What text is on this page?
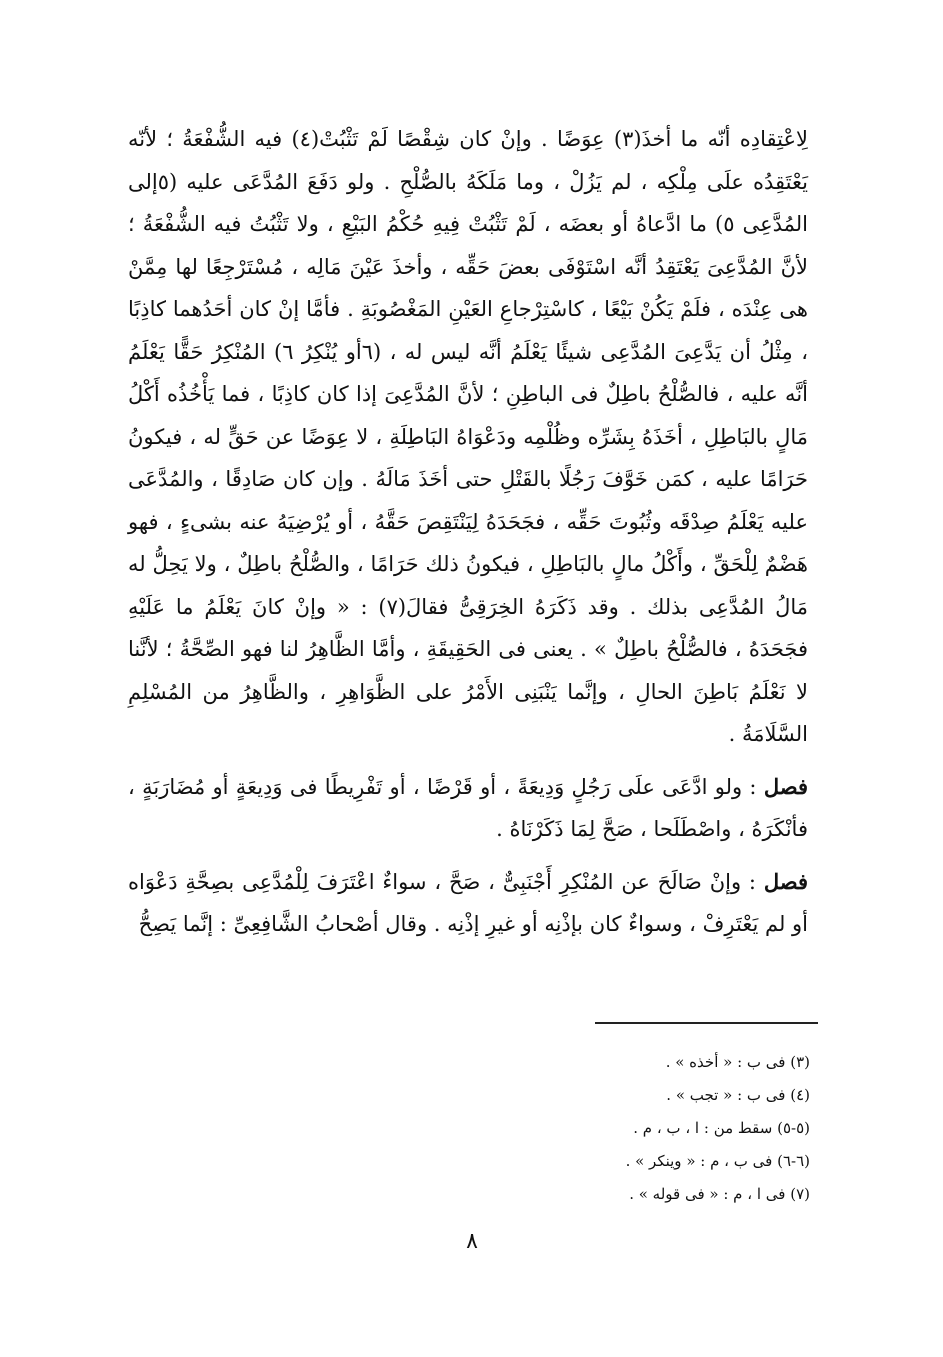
لِاعْتِقادِه أنّه ما أخذَ(٣) عِوَضًا . وإنْ كان شِقْصًا لَمْ تَثْبُتْ(٤) فيه الشُّفْعَةُ ؛ لأنّه يَعْتَقِدُه علَى مِلْكِه ، لم يَزُلْ ، وما مَلَكَهُ بالصُّلْحِ . ولو دَفَعَ المُدَّعَى عليه (٥إلى المُدَّعِى ٥) ما ادَّعاهُ أو بعضَه ، لَمْ تَثْبُتْ فِيهِ حُكْمُ البَيْعِ ، ولا تَثْبُتُ فيه الشُّفْعَةُ ؛ لأنَّ المُدَّعِىَ يَعْتَقِدُ أنَّه اسْتَوْفَى بعضَ حَقِّه ، وأخذَ عَيْنَ مَالِه ، مُسْتَرْجِعًا لها مِمَّنْ هى عِنْدَه ، فلَمْ يَكُنْ بَيْعًا ، كاسْتِرْجاعِ العَيْنِ المَغْصُوبَةِ . فأمَّا إنْ كان أحَدُهما كاذِبًا ، مِثْلُ أن يَدَّعِىَ المُدَّعِى شيئًا يَعْلَمُ أنَّه ليس له ، (٦أو يُنْكِرُ ٦) المُنْكِرُ حَقًّا يَعْلَمُ أنَّه عليه ، فالصُّلْحُ باطِلٌ فى الباطِنِ ؛ لأنَّ المُدَّعِىَ إذا كان كاذِبًا ، فما يَأْخُذُه أَكْلُ مَالٍ بالبَاطِلِ ، أخَذَهُ بِشَرِّه وظُلْمِه ودَعْوَاهُ البَاطِلَةِ ، لا عِوَضًا عن حَقٍّ له ، فيكونُ حَرَامًا عليه ، كمَن خَوَّفَ رَجُلًا بالقَتْلِ حتى أخَذَ مَالَهُ . وإن كان صَادِقًا ، والمُدَّعَى عليه يَعْلَمُ صِدْقَه وثُبُوتَ حَقِّه ، فجَحَدَهُ لِيَنْتَقِصَ حَقَّهُ ، أو يُرْضِيَهُ عنه بشىءٍ ، فهو هَضْمٌ لِلْحَقِّ ، وأَكْلُ مالٍ بالبَاطِلِ ، فيكونُ ذلك حَرَامًا ، والصُّلْحُ باطِلٌ ، ولا يَحِلُّ له مَالُ المُدَّعِى بذلك . وقد ذَكَرَهُ الخِرَقِىُّ فقالَ(٧) : « وإنْ كانَ يَعْلَمُ ما عَلَيْهِ فجَحَدَهُ ، فالصُّلْحُ باطِلٌ » . يعنى فى الحَقِيقَةِ ، وأمَّا الظَّاهِرُ لنا فهو الصِّحَّةُ ؛ لأنَّنا لا نَعْلَمُ بَاطِنَ الحالِ ، وإنَّما يَنْبَنِى الأَمْرُ على الظَّوَاهِرِ ، والظَّاهِرُ من المُسْلِمِ السَّلَامَةُ .

فصل : ولو ادَّعَى علَى رَجُلٍ وَدِيعَةً ، أو قَرْضًا ، أو تَفْرِيطًا فى وَدِيعَةٍ أو مُضَارَبَةٍ ، فأنْكَرَهُ ، واصْطَلَحا ، صَحَّ لِمَا ذَكَرْنَاهُ .

فصل : وإنْ صَالَحَ عن المُنْكِرِ أَجْنَبِىٌّ ، صَحَّ ، سواءٌ اعْتَرَفَ لِلْمُدَّعِى بصِحَّةِ دَعْوَاه أو لم يَعْتَرِفْ ، وسواءٌ كان بإذْنِه أو غيرِ إذْنِه . وقال أصْحابُ الشَّافِعِىِّ : إنَّما يَصِحُّ

(٣) فى ب : « أخذه » .
(٤) فى ب : « تجب » .
(٥-٥) سقط من : ا ، ب ، م .
(٦-٦) فى ب ، م : « وينكر » .
(٧) فى ا ، م : « فى قوله » .
٨
